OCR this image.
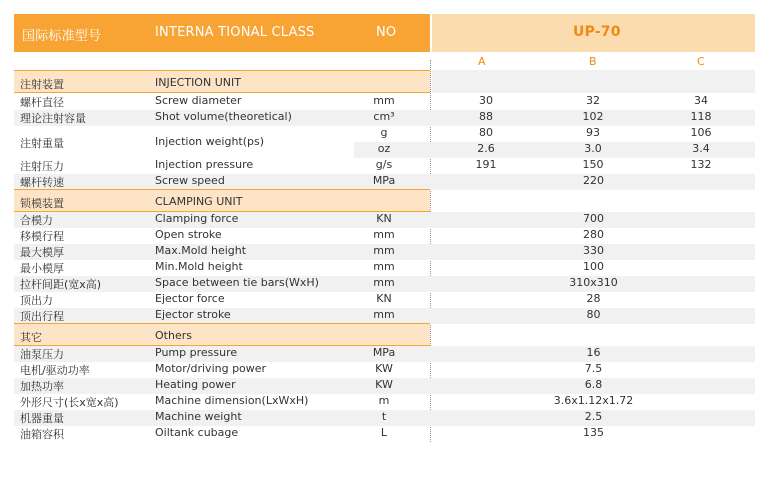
国际标准型号	INTERNA TIONAL CLASS	NO	UP-70
A	B	C
注射装置	INJECTION UNIT
螺杆直径	Screw diameter	mm	30	32	34
理论注射容量	Shot volume(theoretical)	cm³	88	102	118
注射重量	Injection weight(ps)
g	80	93	106
oz	2.6	3.0	3.4
注射压力	Injection pressure	g/s	191	150	132
螺杆转速	Screw speed	MPa	220
锁模装置	CLAMPING UNIT
合模力	Clamping force	KN	700
移模行程	Open stroke	mm	280
最大模厚	Max.Mold height	mm	330
最小模厚	Min.Mold height	mm	100
拉杆间距(宽x高)	Space between tie bars(WxH)	mm	310x310
顶出力	Ejector force	KN	28
顶出行程	Ejector stroke	mm	80
其它	Others
油泵压力	Pump pressure	MPa	16
电机/驱动功率	Motor/driving power	KW	7.5
加热功率	Heating power	KW	6.8
外形尺寸(长x宽x高)	Machine dimension(LxWxH)	m	3.6x1.12x1.72
机器重量	Machine weight	t	2.5
油箱容积	Oiltank cubage	L	135
